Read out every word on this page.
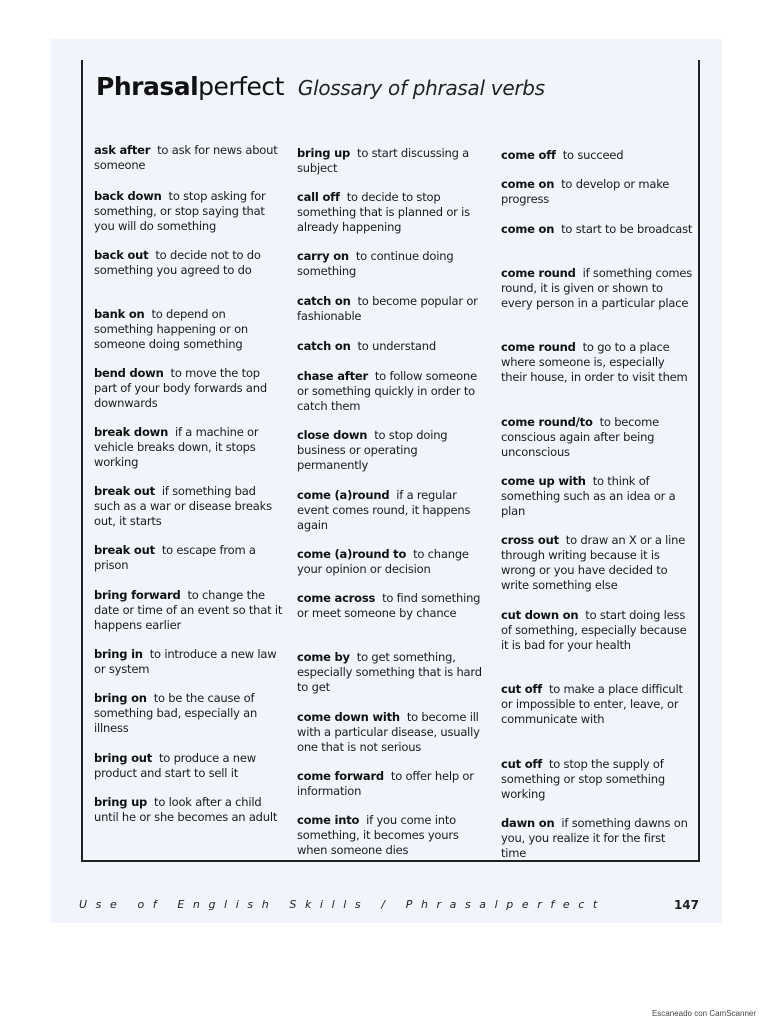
Phrasalperfect Glossary of phrasal verbs
ask after to ask for news about someone
back down to stop asking for something, or stop saying that you will do something
back out to decide not to do something you agreed to do
bank on to depend on something happening or on someone doing something
bend down to move the top part of your body forwards and downwards
break down if a machine or vehicle breaks down, it stops working
break out if something bad such as a war or disease breaks out, it starts
break out to escape from a prison
bring forward to change the date or time of an event so that it happens earlier
bring in to introduce a new law or system
bring on to be the cause of something bad, especially an illness
bring out to produce a new product and start to sell it
bring up to look after a child until he or she becomes an adult
bring up to start discussing a subject
call off to decide to stop something that is planned or is already happening
carry on to continue doing something
catch on to become popular or fashionable
catch on to understand
chase after to follow someone or something quickly in order to catch them
close down to stop doing business or operating permanently
come (a)round if a regular event comes round, it happens again
come (a)round to to change your opinion or decision
come across to find something or meet someone by chance
come by to get something, especially something that is hard to get
come down with to become ill with a particular disease, usually one that is not serious
come forward to offer help or information
come into if you come into something, it becomes yours when someone dies
come off to succeed
come on to develop or make progress
come on to start to be broadcast
come round if something comes round, it is given or shown to every person in a particular place
come round to go to a place where someone is, especially their house, in order to visit them
come round/to to become conscious again after being unconscious
come up with to think of something such as an idea or a plan
cross out to draw an X or a line through writing because it is wrong or you have decided to write something else
cut down on to start doing less of something, especially because it is bad for your health
cut off to make a place difficult or impossible to enter, leave, or communicate with
cut off to stop the supply of something or stop something working
dawn on if something dawns on you, you realize it for the first time
Use of English Skills / Phrasalperfect	147
Escaneado con CamScanner
